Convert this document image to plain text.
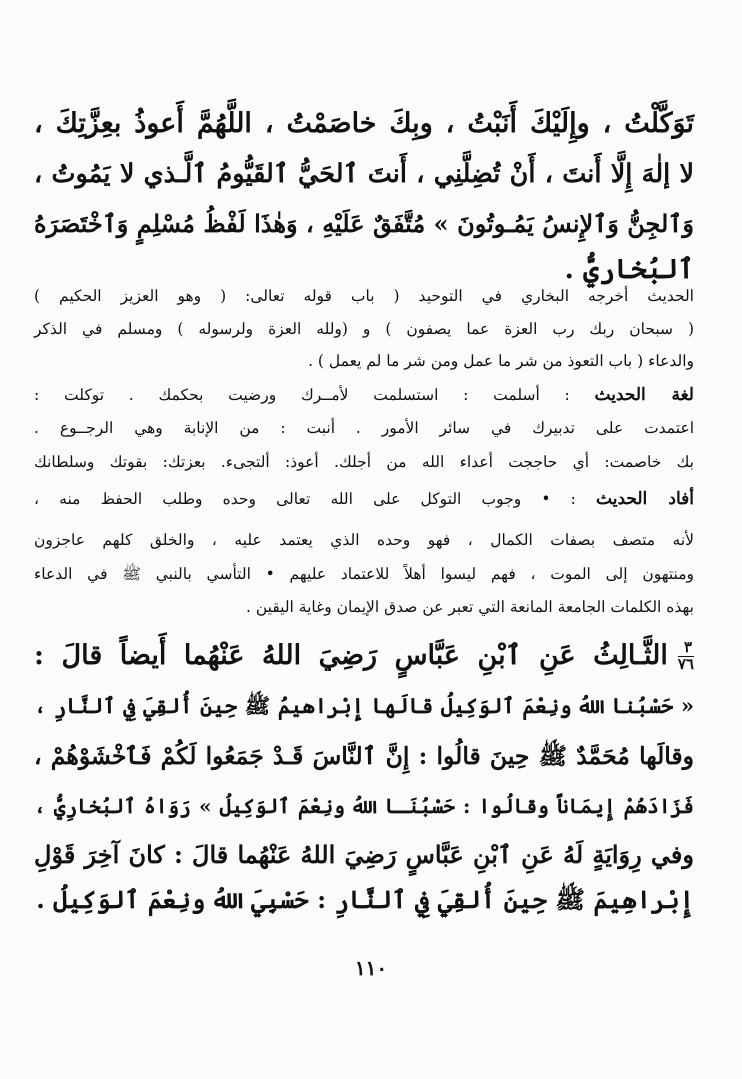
تَوَكَّلْتُ ، وإِلَيْكَ أَنَبْتُ ، وبِكَ خاصَمْتُ ، اللَّهُمَّ أَعوذُ بعِزَّتِكَ ،
لا إلٰهَ إِلَّا أَنتَ ، أَنْ تُضِلَّنِي ، أَنتَ ٱلحَيُّ ٱلقَيُّومُ ٱلَّـذي لا يَمُوتُ ،
وَٱلجِنُّ وَٱلإِنسُ يَمُـوتُونَ » مُتَّفَقٌ عَلَيْهِ ، وَهٰذَا لَفْظُ مُسْلِمٍ وَٱخْتَصَرَهُ
ٱلبُخاريُّ .
الحديث أخرجه البخاري في التوحيد ( باب قوله تعالى: ( وهو العزيز الحكيم )
( سبحان ربك رب العزة عما يصفون ) و (ولله العزة ولرسوله ) ومسلم في الذكر
والدعاء ( باب التعوذ من شر ما عمل ومن شر ما لم يعمل ) .
لغة الحديث : أسلمت : استسلمت لأمــرك ورضيت بحكمك . توكلت :
اعتمدت على تدبيرك في سائر الأمور . أنبت : من الإنابة وهي الرجــوع .
بك خاصمت: أي حاججت أعداء الله من أجلك. أعوذ: ألتجىء. بعزتك: بقوتك وسلطانك
أفاد الحديث : • وجوب التوكل على الله تعالى وحده وطلب الحفظ منه ،
لأنه متصف بصفات الكمال ، فهو وحده الذي يعتمد عليه ، والخلق كلهم عاجزون
ومنتهون إلى الموت ، فهم ليسوا أهلاً للاعتماد عليهم • التأسي بالنبي ﷺ في الدعاء
بهذه الكلمات الجامعة المانعة التي تعبر عن صدق الإيمان وغاية اليقين .
٣
٧٦
الثَّـالِثُ عَنِ ٱبْنِ عَبَّاسٍ رَضِيَ اللهُ عَنْهُما أَيضاً قالَ :
« حَسْبُنا اللهُ ونِعْمَ ٱلوَكِيلُ قالَها إِبْراهيمُ ﷺ حِينَ أُلقِيَ فِي ٱلنَّارِ ،
وقالَها مُحَمَّدٌ ﷺ حِينَ قالُوا : إِنَّ ٱلنَّاسَ قَـدْ جَمَعُوا لَكُمْ فَٱخْشَوْهُمْ ،
فَزَادَهُمْ إِيمَاناً وقالُوا : حَسْبُنَـا اللهُ ونِعْمَ ٱلوَكِيلُ » رَوَاهُ ٱلبُخارِيُّ ،
وفي رِوَايَةٍ لَهُ عَنِ ٱبْنِ عَبَّاسٍ رَضِيَ اللهُ عَنْهُما قالَ : كانَ آخِرَ قَوْلِ
إِبْراهِيمَ ﷺ حِينَ أُلقِيَ فِي ٱلنَّارِ : حَسْبِيَ اللهُ ونِعْمَ ٱلوَكِيلُ .
١١٠
